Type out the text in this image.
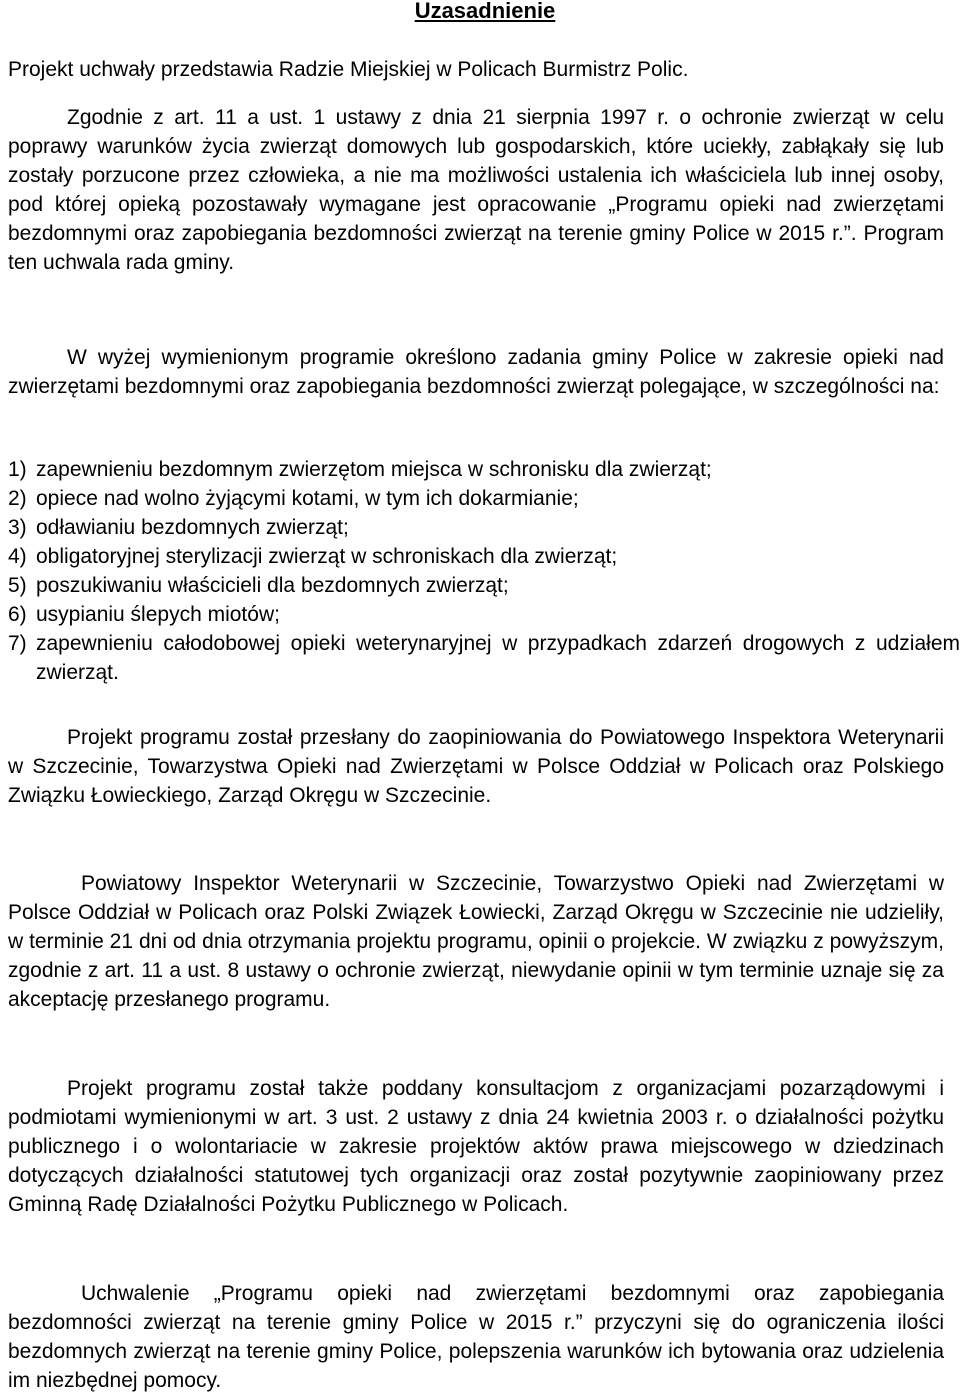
Uzasadnienie

Projekt uchwały przedstawia Radzie Miejskiej w Policach Burmistrz Polic.

Zgodnie z art. 11 a ust. 1 ustawy z dnia 21 sierpnia 1997 r. o ochronie zwierząt w celu poprawy warunków życia zwierząt domowych lub gospodarskich, które uciekły, zabłąkały się lub zostały porzucone przez człowieka, a nie ma możliwości ustalenia ich właściciela lub innej osoby, pod której opieką pozostawały wymagane jest opracowanie „Programu opieki nad zwierzętami bezdomnymi oraz zapobiegania bezdomności zwierząt na terenie gminy Police w 2015 r.”. Program ten uchwala rada gminy.

W wyżej wymienionym programie określono zadania gminy Police w zakresie opieki nad zwierzętami bezdomnymi oraz zapobiegania bezdomności zwierząt polegające, w szczególności na:

1) zapewnieniu bezdomnym zwierzętom miejsca w schronisku dla zwierząt;
2) opiece nad wolno żyjącymi kotami, w tym ich dokarmianie;
3) odławianiu bezdomnych zwierząt;
4) obligatoryjnej sterylizacji zwierząt w schroniskach dla zwierząt;
5) poszukiwaniu właścicieli dla bezdomnych zwierząt;
6) usypianiu ślepych miotów;
7) zapewnieniu całodobowej opieki weterynaryjnej w przypadkach zdarzeń drogowych z udziałem zwierząt.

Projekt programu został przesłany do zaopiniowania do Powiatowego Inspektora Weterynarii w Szczecinie, Towarzystwa Opieki nad Zwierzętami w Polsce Oddział w Policach oraz Polskiego Związku Łowieckiego, Zarząd Okręgu w Szczecinie.

Powiatowy Inspektor Weterynarii w Szczecinie, Towarzystwo Opieki nad Zwierzętami w Polsce Oddział w Policach oraz Polski Związek Łowiecki, Zarząd Okręgu w Szczecinie nie udzieliły, w terminie 21 dni od dnia otrzymania projektu programu, opinii o projekcie. W związku z powyższym, zgodnie z art. 11 a ust. 8 ustawy o ochronie zwierząt, niewydanie opinii w tym terminie uznaje się za akceptację przesłanego programu.

Projekt programu został także poddany konsultacjom z organizacjami pozarządowymi i podmiotami wymienionymi w art. 3 ust. 2 ustawy z dnia 24 kwietnia 2003 r. o działalności pożytku publicznego i o wolontariacie w zakresie projektów aktów prawa miejscowego w dziedzinach dotyczących działalności statutowej tych organizacji oraz został pozytywnie zaopiniowany przez Gminną Radę Działalności Pożytku Publicznego w Policach.

Uchwalenie „Programu opieki nad zwierzętami bezdomnymi oraz zapobiegania bezdomności zwierząt na terenie gminy Police w 2015 r.” przyczyni się do ograniczenia ilości bezdomnych zwierząt na terenie gminy Police, polepszenia warunków ich bytowania oraz udzielenia im niezbędnej pomocy.
